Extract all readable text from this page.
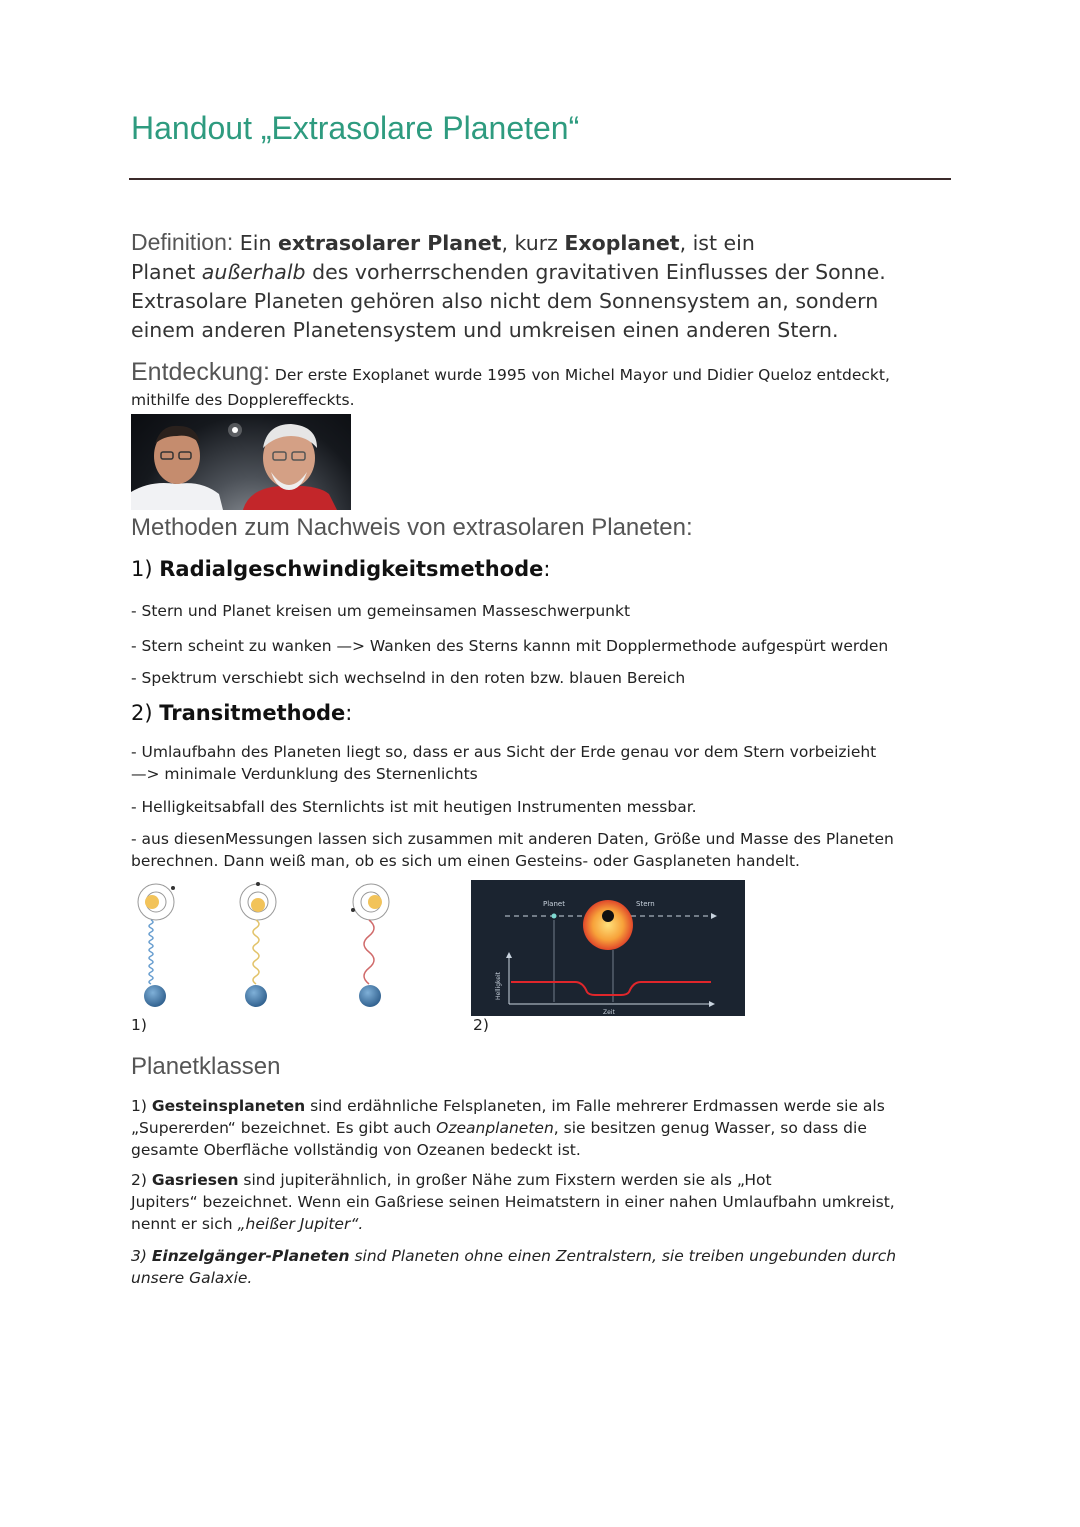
Handout „Extrasolare Planeten“
Definition: Ein extrasolarer Planet, kurz Exoplanet, ist ein
Planet außerhalb des vorherrschenden gravitativen Einflusses der Sonne.
Extrasolare Planeten gehören also nicht dem Sonnensystem an, sondern
einem anderen Planetensystem und umkreisen einen anderen Stern.
Entdeckung: Der erste Exoplanet wurde 1995 von Michel Mayor und Didier Queloz entdeckt,
mithilfe des Dopplereffeckts.
Methoden zum Nachweis von extrasolaren Planeten:
1) Radialgeschwindigkeitsmethode:
- Stern und Planet kreisen um gemeinsamen Masseschwerpunkt
- Stern scheint zu wanken —> Wanken des Sterns kannn mit Dopplermethode aufgespürt werden
- Spektrum verschiebt sich wechselnd in den roten bzw. blauen Bereich
2) Transitmethode:
- Umlaufbahn des Planeten liegt so, dass er aus Sicht der Erde genau vor dem Stern vorbeizieht
—> minimale Verdunklung des Sternenlichts
- Helligkeitsabfall des Sternlichts ist mit heutigen Instrumenten messbar.
- aus diesenMessungen lassen sich zusammen mit anderen Daten, Größe und Masse des Planeten
berechnen. Dann weiß man, ob es sich um einen Gesteins- oder Gasplaneten handelt.
1)
Planet	Stern
Helligkeit
Zeit
2)
Planetklassen
1) Gesteinsplaneten sind erdähnliche Felsplaneten, im Falle mehrerer Erdmassen werde sie als
„Supererden“ bezeichnet. Es gibt auch Ozeanplaneten, sie besitzen genug Wasser, so dass die
gesamte Oberfläche vollständig von Ozeanen bedeckt ist.
2) Gasriesen sind jupiterähnlich, in großer Nähe zum Fixstern werden sie als „Hot
Jupiters“ bezeichnet. Wenn ein Gaßriese seinen Heimatstern in einer nahen Umlaufbahn umkreist,
nennt er sich „heißer Jupiter“.
3) Einzelgänger-Planeten sind Planeten ohne einen Zentralstern, sie treiben ungebunden durch
unsere Galaxie.
